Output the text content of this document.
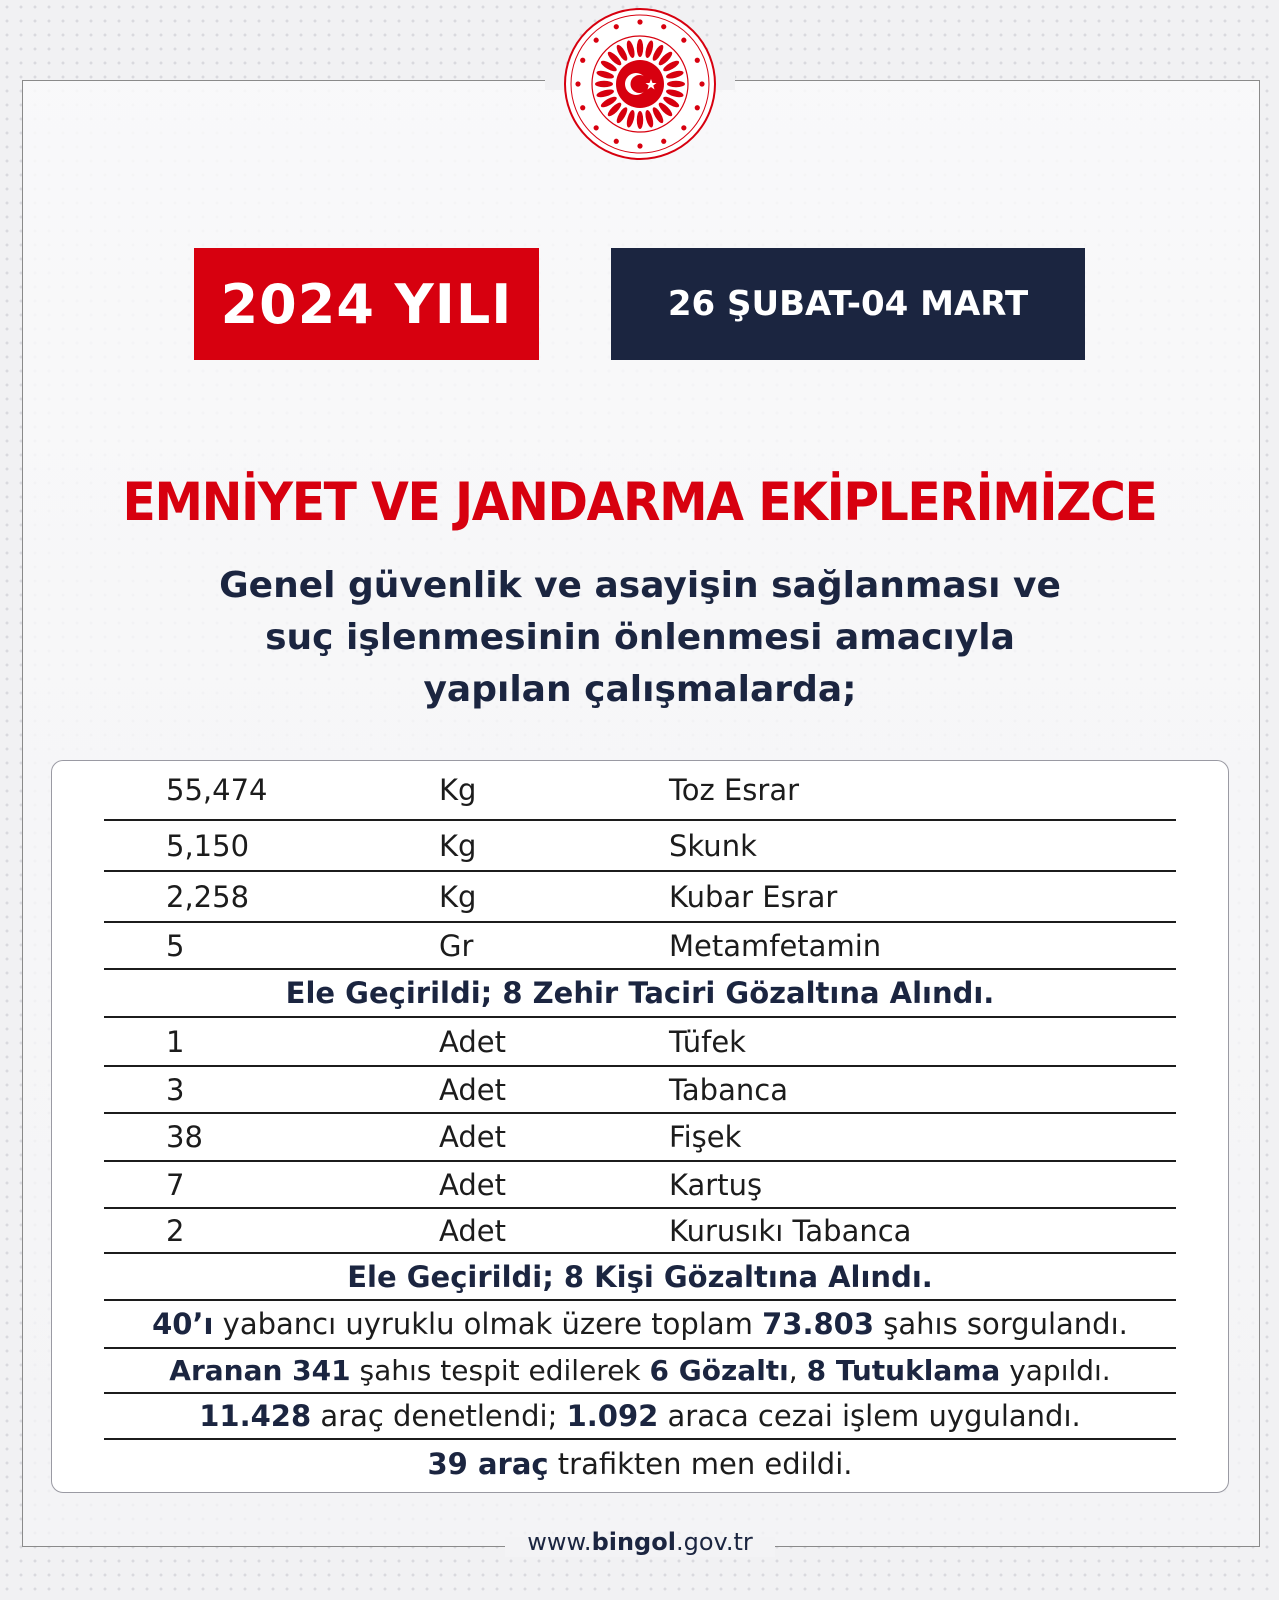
2024 YILI	26 ŞUBAT-04 MART
EMNİYET VE JANDARMA EKİPLERİMİZCE
Genel güvenlik ve asayişin sağlanması ve
suç işlenmesinin önlenmesi amacıyla
yapılan çalışmalarda;
55,474	Kg	Toz Esrar
5,150	Kg	Skunk
2,258	Kg	Kubar Esrar
5	Gr	Metamfetamin
Ele Geçirildi; 8 Zehir Taciri Gözaltına Alındı.
1	Adet	Tüfek
3	Adet	Tabanca
38	Adet	Fişek
7	Adet	Kartuş
2	Adet	Kurusıkı Tabanca
Ele Geçirildi; 8 Kişi Gözaltına Alındı.
40’ı yabancı uyruklu olmak üzere toplam 73.803 şahıs sorgulandı.
Aranan 341 şahıs tespit edilerek 6 Gözaltı , 8 Tutuklama yapıldı.
11.428 araç denetlendi; 1.092 araca cezai işlem uygulandı.
39 araç trafikten men edildi.
www.bingol.gov.tr
